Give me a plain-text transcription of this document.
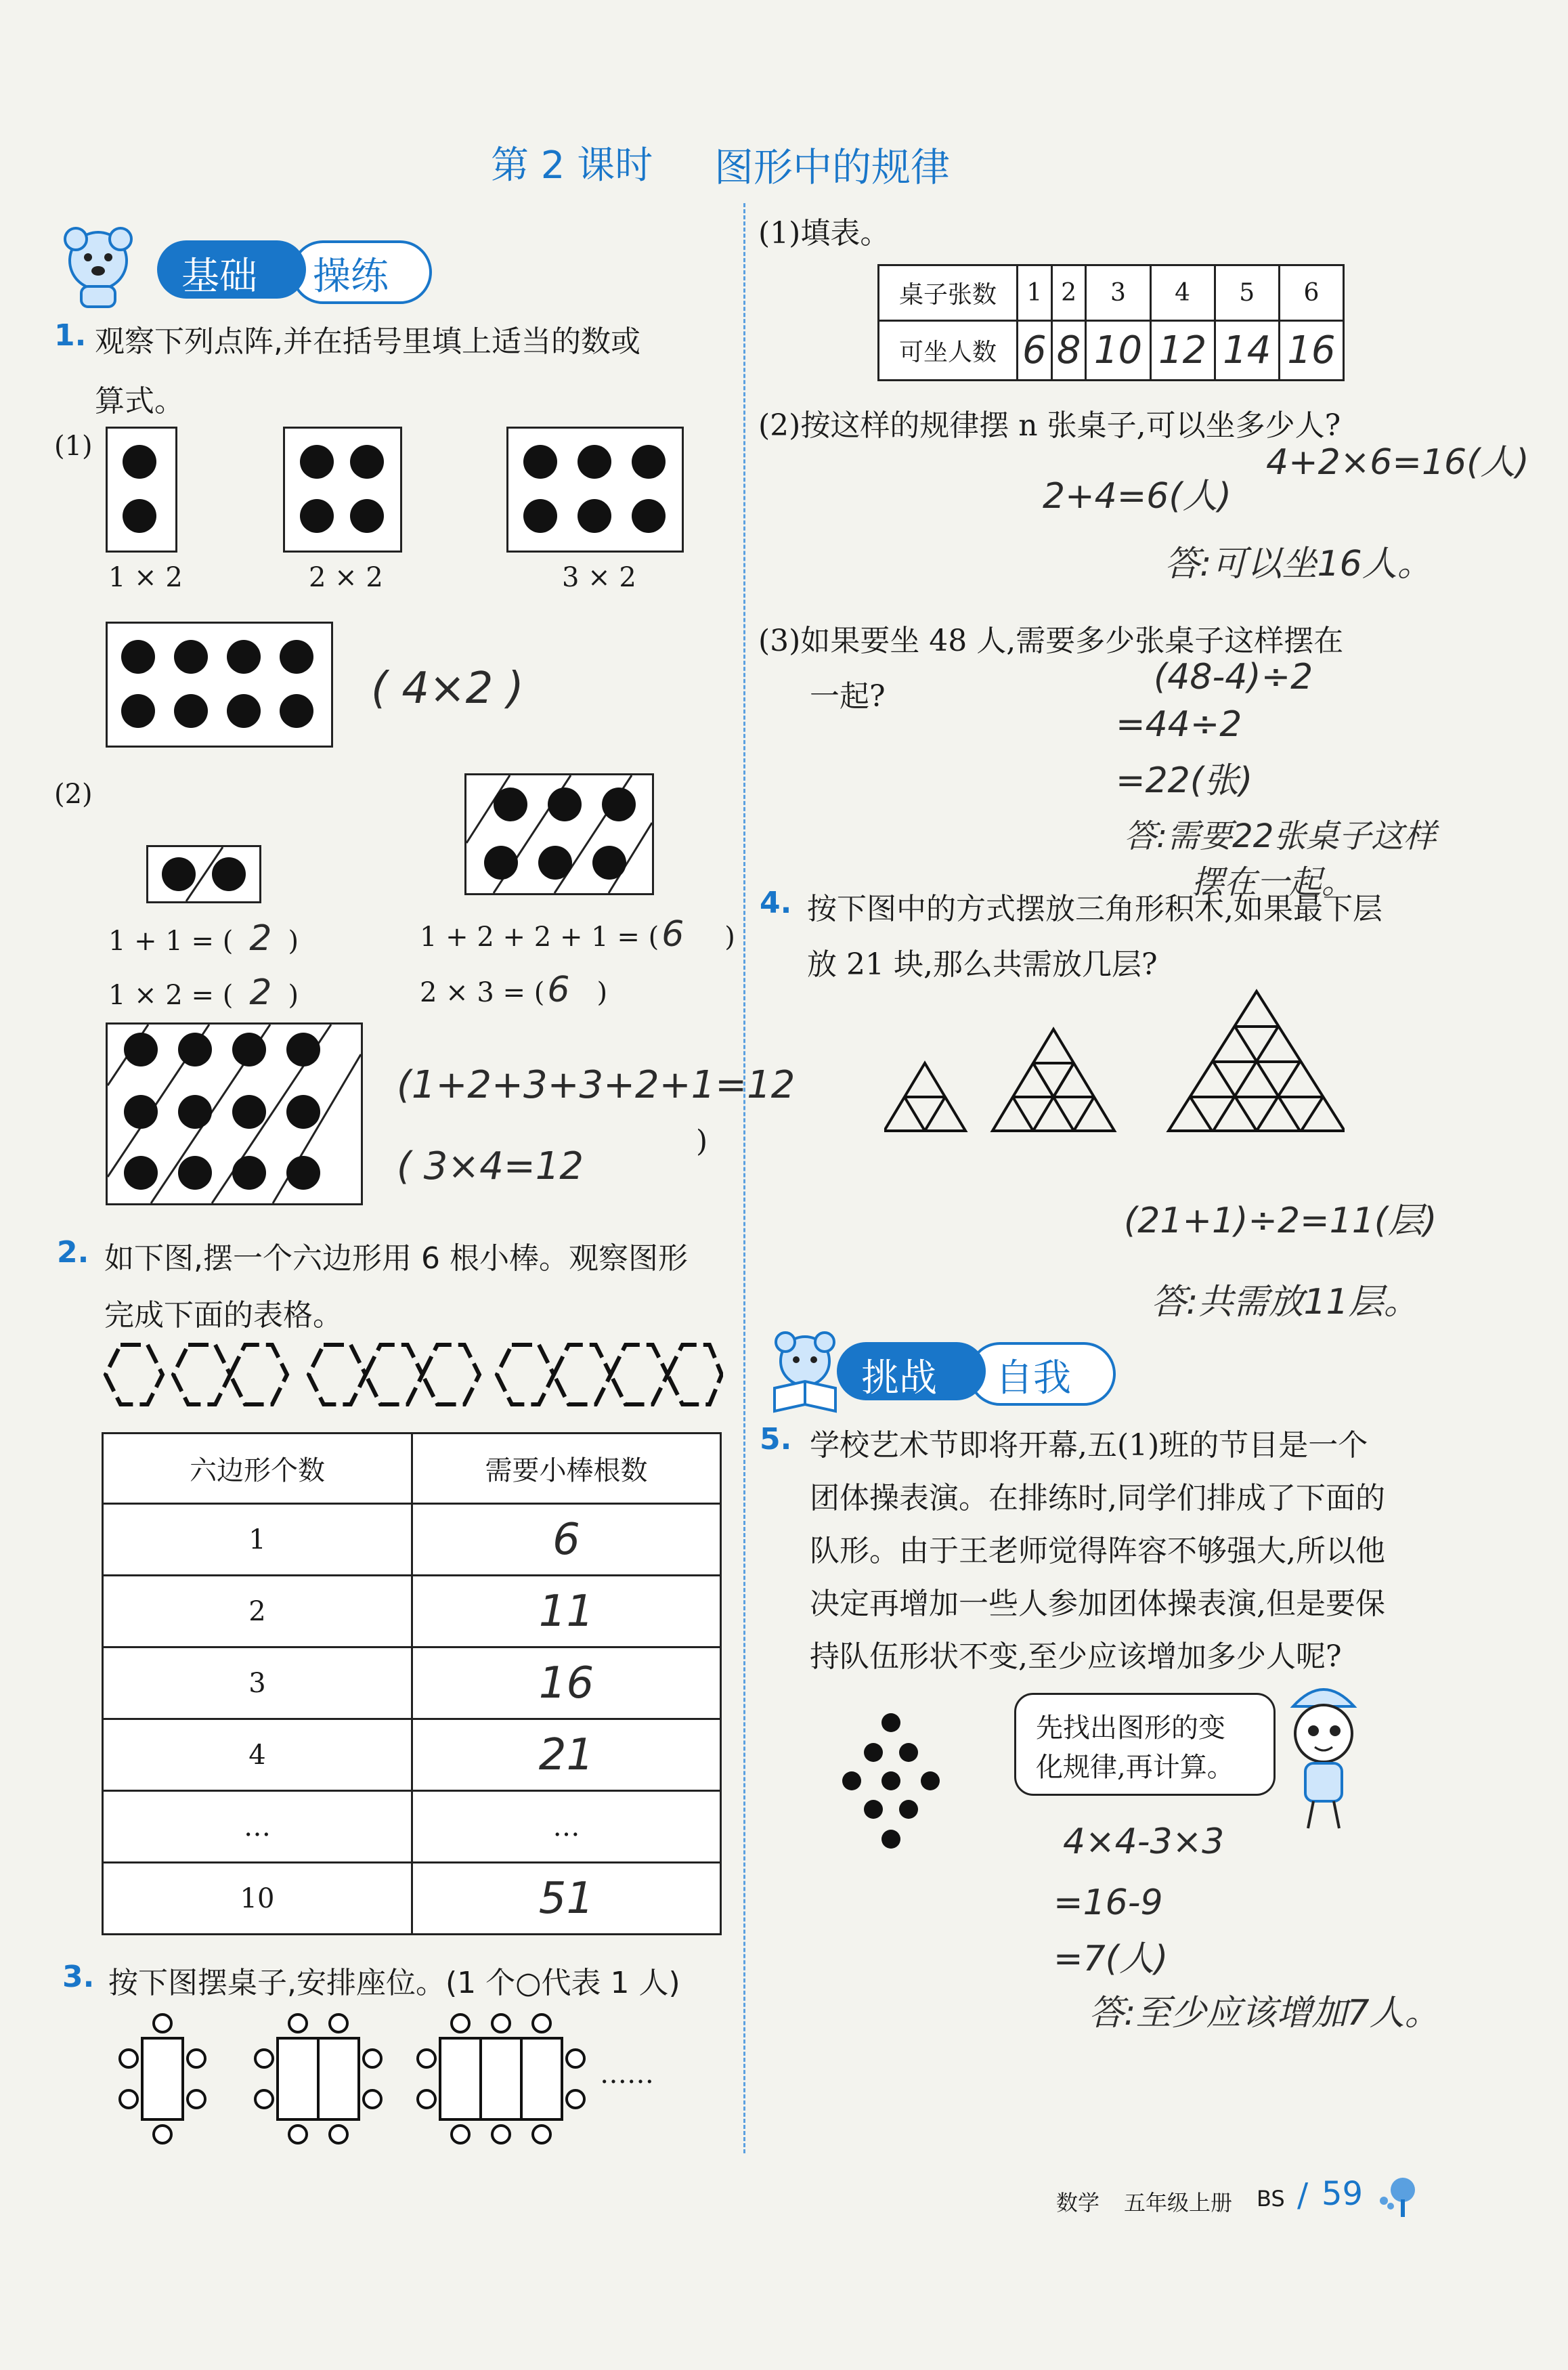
第 2 课时 图形中的规律
基础 操练
1. 观察下列点阵,并在括号里填上适当的数或
算式。
(1)
1 × 2	2 × 2	3 × 2
( 4×2 )
(2)
1 + 1 = ( 2 )
1 × 2 = ( 2 )
1 + 2 + 2 + 1 = (6 )
2 × 3 = (6 )
(1+2+3+3+2+1=12
( 3×4=12
)
2. 如下图,摆一个六边形用 6 根小棒。观察图形
完成下面的表格。
六边形个数	需要小棒根数
1	6
2	11
3	16
4	21
…	…
10	51
3. 按下图摆桌子,安排座位。(1 个○代表 1 人)
……
(1)填表。
桌子张数	1	2	3	4	5	6
可坐人数	6	8	10	12	14	16
(2)按这样的规律摆 n 张桌子,可以坐多少人?
4+2×6=16(人)
2+4=6(人)
答:可以坐16人。
(3)如果要坐 48 人,需要多少张桌子这样摆在
一起?	(48-4)÷2
=44÷2
=22(张)
答:需要22张桌子这样
摆在一起。
4. 按下图中的方式摆放三角形积木,如果最下层
放 21 块,那么共需放几层?
(21+1)÷2=11(层)
答:共需放11层。
挑战 自我
5. 学校艺术节即将开幕,五(1)班的节目是一个
团体操表演。在排练时,同学们排成了下面的
队形。由于王老师觉得阵容不够强大,所以他
决定再增加一些人参加团体操表演,但是要保
持队伍形状不变,至少应该增加多少人呢?
先找出图形的变
化规律,再计算。
4×4-3×3
=16-9
=7(人)
答:至少应该增加7人。
数学 五年级上册 BS / 59
